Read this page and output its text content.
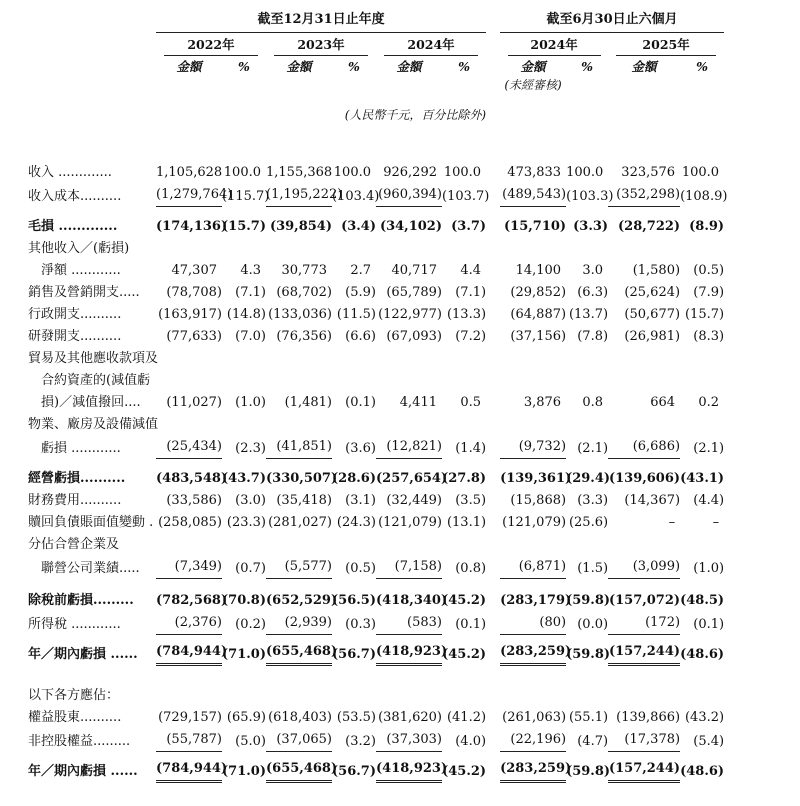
	截至12月31日止年度							截至6月30日止六個月			

	2022年		2023年		2024年			2024年		2025年	

	金額	%	金額	%	金額	%		金額	%	金額	%
								(未經審核)			
	(人民幣千元，百分比除外)										

收入 .............	1,105,628	100.0	1,155,368	100.0	926,292	100.0		473,833	100.0	323,576	100.0
收入成本..........	(1,279,764)	(115.7)	(1,195,222)	(103.4)	(960,394)	(103.7)		(489,543)	(103.3)	(352,298)	(108.9)

毛損 .............	(174,136)	(15.7)	(39,854)	(3.4)	(34,102)	(3.7)		(15,710)	(3.3)	(28,722)	(8.9)
其他收入／(虧損)											
　淨額 ............	47,307	4.3	30,773	2.7	40,717	4.4		14,100	3.0	(1,580)	(0.5)
銷售及營銷開支.....	(78,708)	(7.1)	(68,702)	(5.9)	(65,789)	(7.1)		(29,852)	(6.3)	(25,624)	(7.9)
行政開支..........	(163,917)	(14.8)	(133,036)	(11.5)	(122,977)	(13.3)		(64,887)	(13.7)	(50,677)	(15.7)
研發開支..........	(77,633)	(7.0)	(76,356)	(6.6)	(67,093)	(7.2)		(37,156)	(7.8)	(26,981)	(8.3)
貿易及其他應收款項及											
　合約資產的(減值虧											
　損)／減值撥回....	(11,027)	(1.0)	(1,481)	(0.1)	4,411	0.5		3,876	0.8	664	0.2
物業、廠房及設備減值											
　虧損 ............	(25,434)	(2.3)	(41,851)	(3.6)	(12,821)	(1.4)		(9,732)	(2.1)	(6,686)	(2.1)

經營虧損..........	(483,548)	(43.7)	(330,507)	(28.6)	(257,654)	(27.8)		(139,361)	(29.4)	(139,606)	(43.1)
財務費用..........	(33,586)	(3.0)	(35,418)	(3.1)	(32,449)	(3.5)		(15,868)	(3.3)	(14,367)	(4.4)
贖回負債賬面值變動 .	(258,085)	(23.3)	(281,027)	(24.3)	(121,079)	(13.1)		(121,079)	(25.6)	–	–
分佔合營企業及											
　聯營公司業績.....	(7,349)	(0.7)	(5,577)	(0.5)	(7,158)	(0.8)		(6,871)	(1.5)	(3,099)	(1.0)

除稅前虧損.........	(782,568)	(70.8)	(652,529)	(56.5)	(418,340)	(45.2)		(283,179)	(59.8)	(157,072)	(48.5)
所得稅 ............	(2,376)	(0.2)	(2,939)	(0.3)	(583)	(0.1)		(80)	(0.0)	(172)	(0.1)

年／期內虧損 ......	(784,944)	(71.0)	(655,468)	(56.7)	(418,923)	(45.2)		(283,259)	(59.8)	(157,244)	(48.6)

以下各方應佔：											
權益股東..........	(729,157)	(65.9)	(618,403)	(53.5)	(381,620)	(41.2)		(261,063)	(55.1)	(139,866)	(43.2)
非控股權益.........	(55,787)	(5.0)	(37,065)	(3.2)	(37,303)	(4.0)		(22,196)	(4.7)	(17,378)	(5.4)

年／期內虧損 ......	(784,944)	(71.0)	(655,468)	(56.7)	(418,923)	(45.2)		(283,259)	(59.8)	(157,244)	(48.6)
